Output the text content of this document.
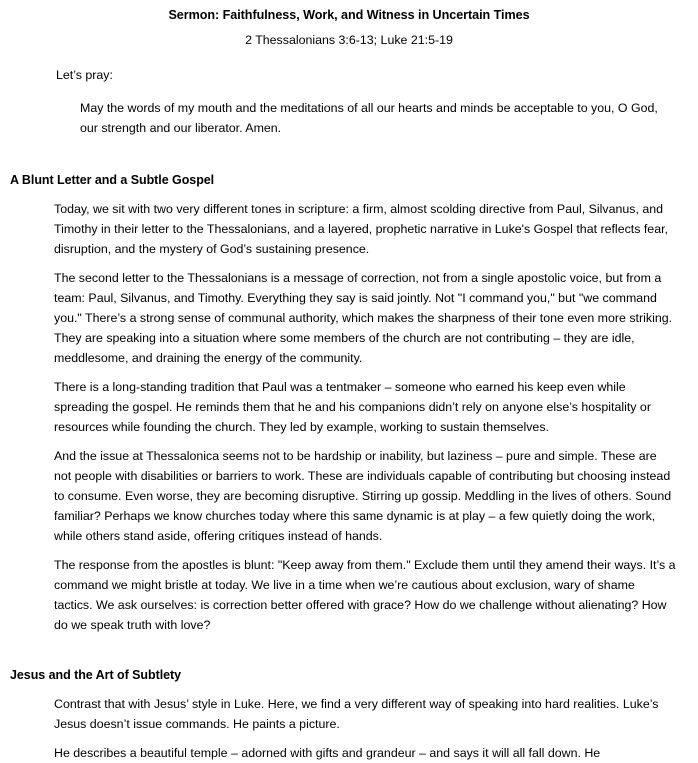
Sermon: Faithfulness, Work, and Witness in Uncertain Times

2 Thessalonians 3:6-13; Luke 21:5-19

Let’s pray:

May the words of my mouth and the meditations of all our hearts and minds be acceptable to you, O God, our strength and our liberator. Amen.

A Blunt Letter and a Subtle Gospel

Today, we sit with two very different tones in scripture: a firm, almost scolding directive from Paul, Silvanus, and Timothy in their letter to the Thessalonians, and a layered, prophetic narrative in Luke's Gospel that reflects fear, disruption, and the mystery of God’s sustaining presence.

The second letter to the Thessalonians is a message of correction, not from a single apostolic voice, but from a team: Paul, Silvanus, and Timothy. Everything they say is said jointly. Not "I command you," but "we command you." There’s a strong sense of communal authority, which makes the sharpness of their tone even more striking. They are speaking into a situation where some members of the church are not contributing – they are idle, meddlesome, and draining the energy of the community.

There is a long-standing tradition that Paul was a tentmaker – someone who earned his keep even while spreading the gospel. He reminds them that he and his companions didn’t rely on anyone else’s hospitality or resources while founding the church. They led by example, working to sustain themselves.

And the issue at Thessalonica seems not to be hardship or inability, but laziness – pure and simple. These are not people with disabilities or barriers to work. These are individuals capable of contributing but choosing instead to consume. Even worse, they are becoming disruptive. Stirring up gossip. Meddling in the lives of others. Sound familiar? Perhaps we know churches today where this same dynamic is at play – a few quietly doing the work, while others stand aside, offering critiques instead of hands.

The response from the apostles is blunt: "Keep away from them." Exclude them until they amend their ways. It’s a command we might bristle at today. We live in a time when we’re cautious about exclusion, wary of shame tactics. We ask ourselves: is correction better offered with grace? How do we challenge without alienating? How do we speak truth with love?

Jesus and the Art of Subtlety

Contrast that with Jesus’ style in Luke. Here, we find a very different way of speaking into hard realities. Luke’s Jesus doesn’t issue commands. He paints a picture.

He describes a beautiful temple – adorned with gifts and grandeur – and says it will all fall down. He
